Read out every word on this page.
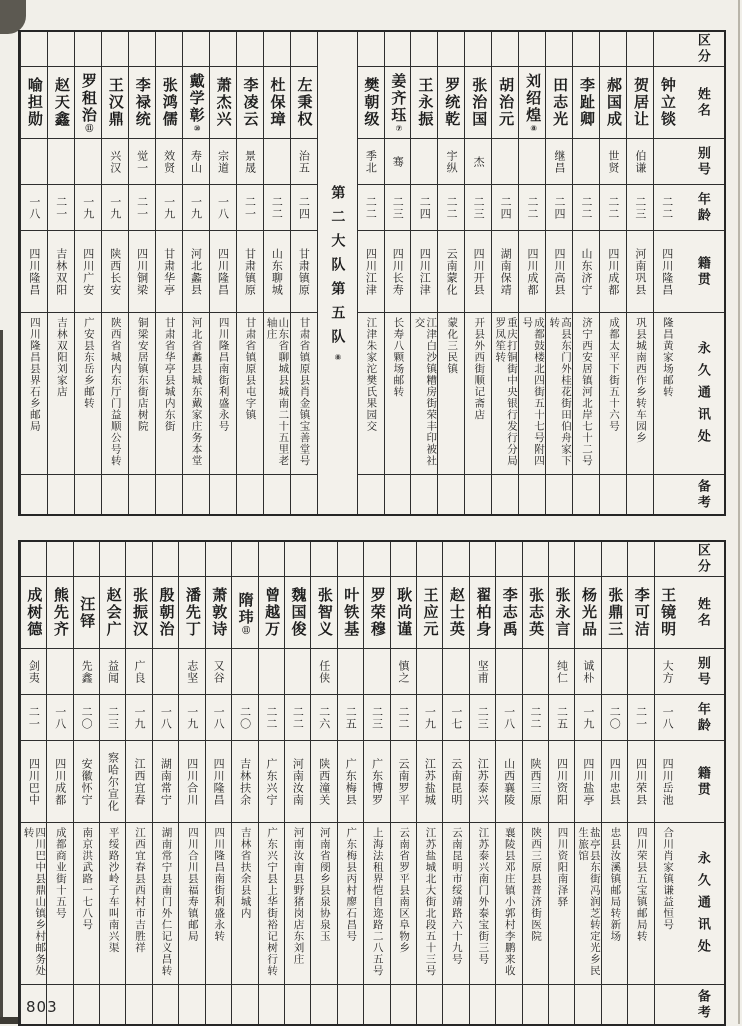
区分
姓名
别号
年龄
籍贯
永久通讯处
备考
钟立锬
二二
四川隆昌
隆昌黄家场邮转
贺居让
伯谦
二三
河南巩县
巩县城南西作乡转车园乡
郝国成
世贤
二二
四川成都
成都太平下街五十六号
李趾卿
二二
山东济宁
济宁西安居镇河北岸七十二号
田志光
继昌
二四
四川高县
高县东门外桂花街田伯舟家下转
刘绍煌⑧
二二
四川成都
成都鼓楼北四街五十七号附四号
胡治元
二四
湖南保靖
重庆打铜街中央银行发行分局罗凤笙转
张治国
杰
二三
四川开县
开县外西街顺记斋店
罗统乾
宇纵
二二
云南蒙化
蒙化三民镇
王永振
二四
四川江津
江津白沙镇糟房街荣丰印被社交
姜齐珏⑦
骞
二三
四川长寿
长寿八颗场邮转
樊朝级
季北
二二
四川江津
江津朱家沱樊氏果园交
第二大队第五队⑧
左秉权
治五
二四
甘肃镇原
甘肃省镇原县肖金镇宝善堂号
杜保璋
二二
山东聊城
山东省聊城县城南二十五里老轴庄
李凌云
景晟
二一
甘肃镇原
甘肃省镇原县屯字镇
萧杰兴
宗道
一八
四川隆昌
四川隆昌南街利盛永号
戴学彰⑩
寿山
一九
河北蠡县
河北省蠡县城东戴家庄务本堂
张鸿儒
效贤
一九
甘肃华亭
甘肃省华亭县城内东街
李禄统
觉一
二一
四川铜梁
铜梁安居镇东街店树院
王汉鼎
兴汉
一九
陕西长安
陕西省城内东厅门益顺公号转
罗租治⑪
一九
四川广安
广安县东岳乡邮转
赵天鑫
二一
吉林双阳
吉林双阳刘家店
喻担勋
一八
四川隆昌
四川隆昌县界石乡邮局
区分
姓名
别号
年龄
籍贯
永久通讯处
备考
王镜明
大方
一八
四川岳池
合川肖家镇谦益恒号
李可洁
二一
四川荣县
四川荣县五宝镇邮局转
张鼎三
二〇
四川忠县
忠县汝溪镇邮局转新场
杨光品
诚朴
一九
四川盐亭
盐亭县东街冯润芝转定光乡民生旅馆
张永言
纯仁
二五
四川资阳
四川资阳南泽驿
张志英
二二
陕西三原
陕西三原县普济街医院
李志禹
一八
山西襄陵
襄陵县邓庄镇小郭村李鹏来收
翟柏身
坚甫
二三
江苏泰兴
江苏泰兴南门外泰宝街三号
赵士英
一七
云南昆明
云南昆明市绥靖路六十九号
王应元
一九
江苏盐城
江苏盐城北大街北段五十三号
耿尚谨
慎之
二二
云南罗平
云南省罗平县南区阜物乡
罗荣穆
二三
广东博罗
上海法租界恺自迩路二八五号
叶铁基
二五
广东梅县
广东梅县丙村廖石昌号
张智义
任侠
二六
陕西潼关
河南省阌乡县泉协泉玉
魏国俊
二二
河南汝南
河南汝南县野猪岗店东刘庄
曾越万
二二
广东兴宁
广东兴宁县上华街裕记树行转
隋玮⑪
二〇
吉林扶余
吉林省扶余县城内
萧敦诗
又谷
一八
四川隆昌
四川隆昌南街利盛永转
潘先丁
志坚
一九
四川合川
四川合川县福寿镇邮局
殷朝治
一八
湖南常宁
湖南常宁县南门外仁记义昌转
张振汉
广良
一九
江西宜春
江西宜春县西村市吉胜祥
赵会广
益闻
二三
察哈尔宣化
平绥路沙岭子车叫南兴渠
汪铎
先鑫
二〇
安徽怀宁
南京洪武路一七八号
熊先齐
一八
四川成都
成都商业街十五号
成树德
剑夷
二一
四川巴中
四川巴中县鼎山镇乡村邮务处转
803
